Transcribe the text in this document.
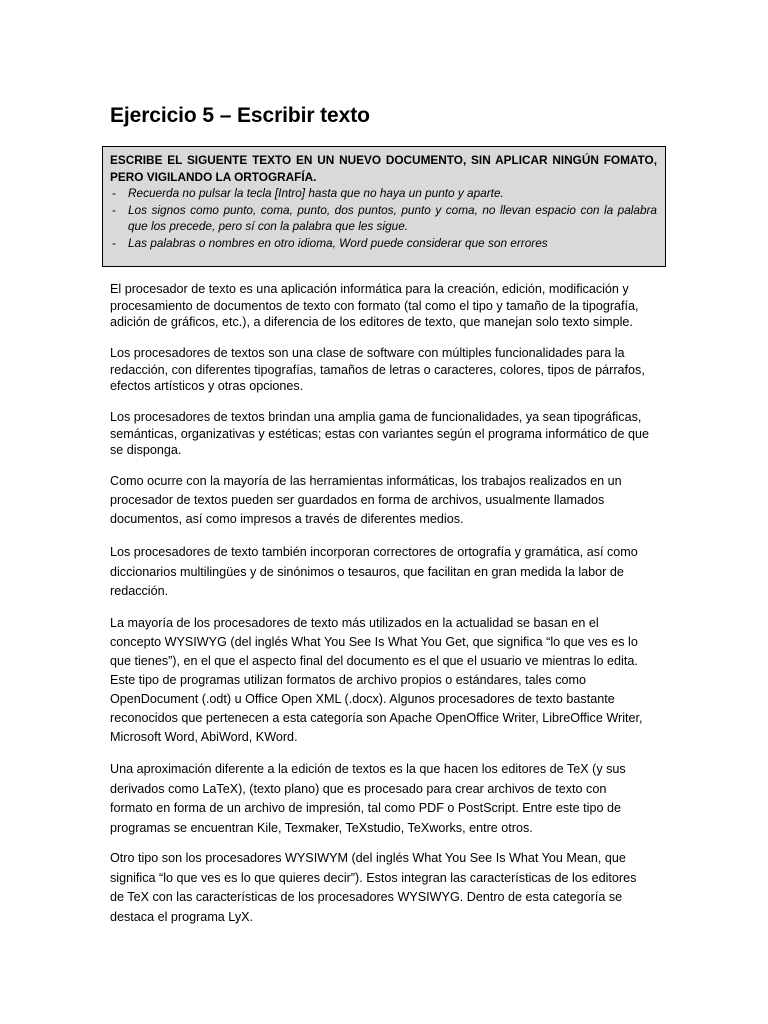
Ejercicio 5 – Escribir texto

ESCRIBE EL SIGUENTE TEXTO EN UN NUEVO DOCUMENTO, SIN APLICAR NINGÚN FOMATO, PERO VIGILANDO LA ORTOGRAFÍA.

- Recuerda no pulsar la tecla [Intro] hasta que no haya un punto y aparte.
- Los signos como punto, coma, punto, dos puntos, punto y coma, no llevan espacio con la palabra que los precede, pero sí con la palabra que les sigue.
- Las palabras o nombres en otro idioma, Word puede considerar que son errores

El procesador de texto es una aplicación informática para la creación, edición, modificación y procesamiento de documentos de texto con formato (tal como el tipo y tamaño de la tipografía, adición de gráficos, etc.), a diferencia de los editores de texto, que manejan solo texto simple.

Los procesadores de textos son una clase de software con múltiples funcionalidades para la redacción, con diferentes tipografías, tamaños de letras o caracteres, colores, tipos de párrafos, efectos artísticos y otras opciones.

Los procesadores de textos brindan una amplia gama de funcionalidades, ya sean tipográficas, semánticas, organizativas y estéticas; estas con variantes según el programa informático de que se disponga.

Como ocurre con la mayoría de las herramientas informáticas, los trabajos realizados en un procesador de textos pueden ser guardados en forma de archivos, usualmente llamados documentos, así como impresos a través de diferentes medios.

Los procesadores de texto también incorporan correctores de ortografía y gramática, así como diccionarios multilingües y de sinónimos o tesauros, que facilitan en gran medida la labor de redacción.

La mayoría de los procesadores de texto más utilizados en la actualidad se basan en el concepto WYSIWYG (del inglés What You See Is What You Get, que significa “lo que ves es lo que tienes”), en el que el aspecto final del documento es el que el usuario ve mientras lo edita. Este tipo de programas utilizan formatos de archivo propios o estándares, tales como OpenDocument (.odt) u Office Open XML (.docx). Algunos procesadores de texto bastante reconocidos que pertenecen a esta categoría son Apache OpenOffice Writer, LibreOffice Writer, Microsoft Word, AbiWord, KWord.

Una aproximación diferente a la edición de textos es la que hacen los editores de TeX (y sus derivados como LaTeX), (texto plano) que es procesado para crear archivos de texto con formato en forma de un archivo de impresión, tal como PDF o PostScript. Entre este tipo de programas se encuentran Kile, Texmaker, TeXstudio, TeXworks, entre otros.

Otro tipo son los procesadores WYSIWYM (del inglés What You See Is What You Mean, que significa “lo que ves es lo que quieres decir”). Estos integran las características de los editores de TeX con las características de los procesadores WYSIWYG. Dentro de esta categoría se destaca el programa LyX.
